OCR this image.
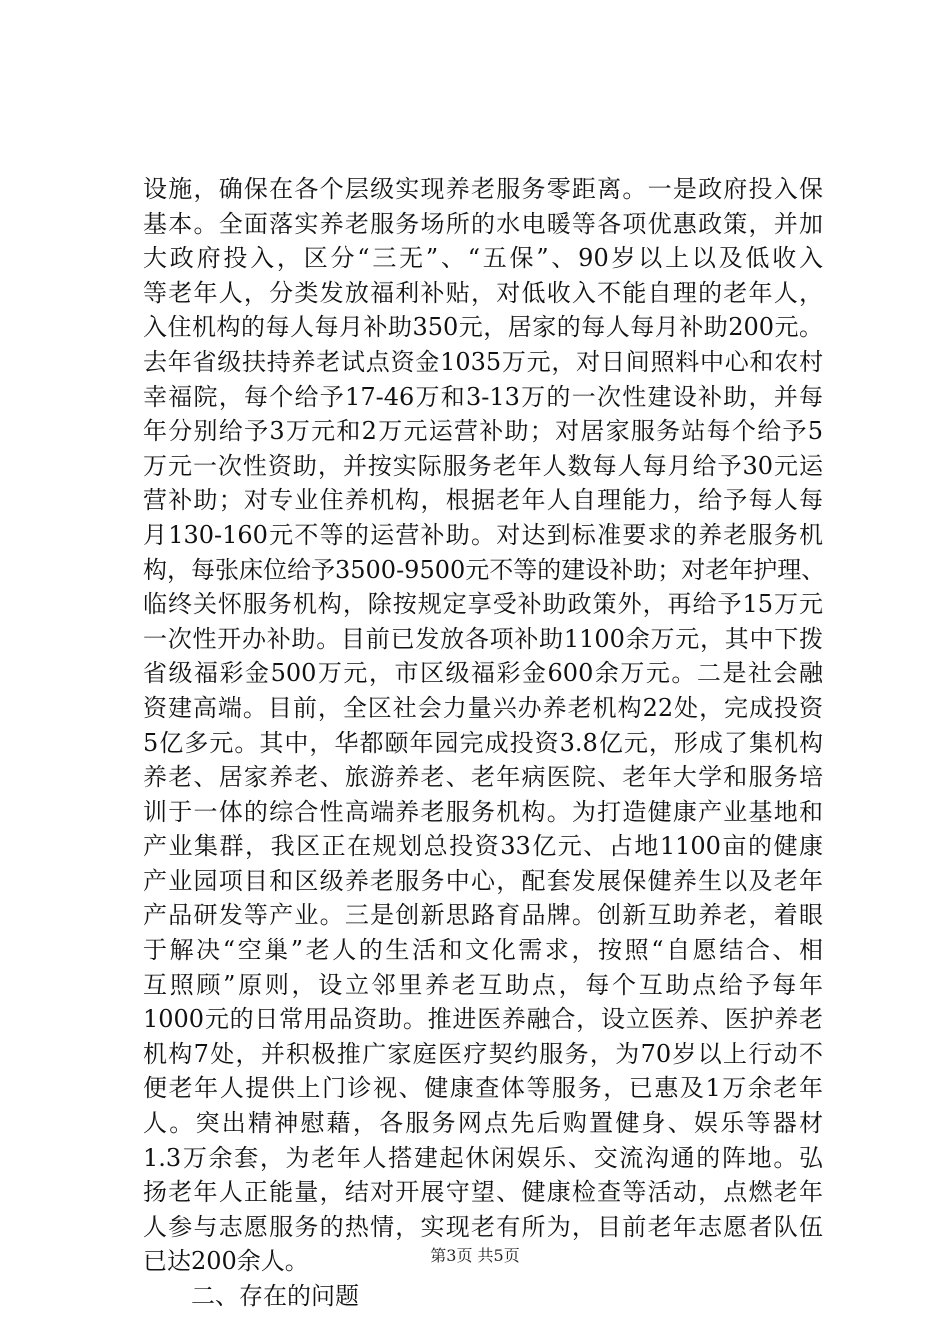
设施，确保在各个层级实现养老服务零距离。一是政府投入保
基本。全面落实养老服务场所的水电暖等各项优惠政策，并加
大政府投入，区分“三无”、“五保”、90岁以上以及低收入
等老年人，分类发放福利补贴，对低收入不能自理的老年人，
入住机构的每人每月补助350元，居家的每人每月补助200元。
去年省级扶持养老试点资金1035万元，对日间照料中心和农村
幸福院，每个给予17-46万和3-13万的一次性建设补助，并每
年分别给予3万元和2万元运营补助；对居家服务站每个给予5
万元一次性资助，并按实际服务老年人数每人每月给予30元运
营补助；对专业住养机构，根据老年人自理能力，给予每人每
月130-160元不等的运营补助。对达到标准要求的养老服务机
构，每张床位给予3500-9500元不等的建设补助；对老年护理、
临终关怀服务机构，除按规定享受补助政策外，再给予15万元
一次性开办补助。目前已发放各项补助1100余万元，其中下拨
省级福彩金500万元，市区级福彩金600余万元。二是社会融
资建高端。目前，全区社会力量兴办养老机构22处，完成投资
5亿多元。其中，华都颐年园完成投资3.8亿元，形成了集机构
养老、居家养老、旅游养老、老年病医院、老年大学和服务培
训于一体的综合性高端养老服务机构。为打造健康产业基地和
产业集群，我区正在规划总投资33亿元、占地1100亩的健康
产业园项目和区级养老服务中心，配套发展保健养生以及老年
产品研发等产业。三是创新思路育品牌。创新互助养老，着眼
于解决“空巢”老人的生活和文化需求，按照“自愿结合、相
互照顾”原则，设立邻里养老互助点，每个互助点给予每年
1000元的日常用品资助。推进医养融合，设立医养、医护养老
机构7处，并积极推广家庭医疗契约服务，为70岁以上行动不
便老年人提供上门诊视、健康查体等服务，已惠及1万余老年
人。突出精神慰藉，各服务网点先后购置健身、娱乐等器材
1.3万余套，为老年人搭建起休闲娱乐、交流沟通的阵地。弘
扬老年人正能量，结对开展守望、健康检查等活动，点燃老年
人参与志愿服务的热情，实现老有所为，目前老年志愿者队伍
已达200余人。
二、存在的问题
第3页 共5页
